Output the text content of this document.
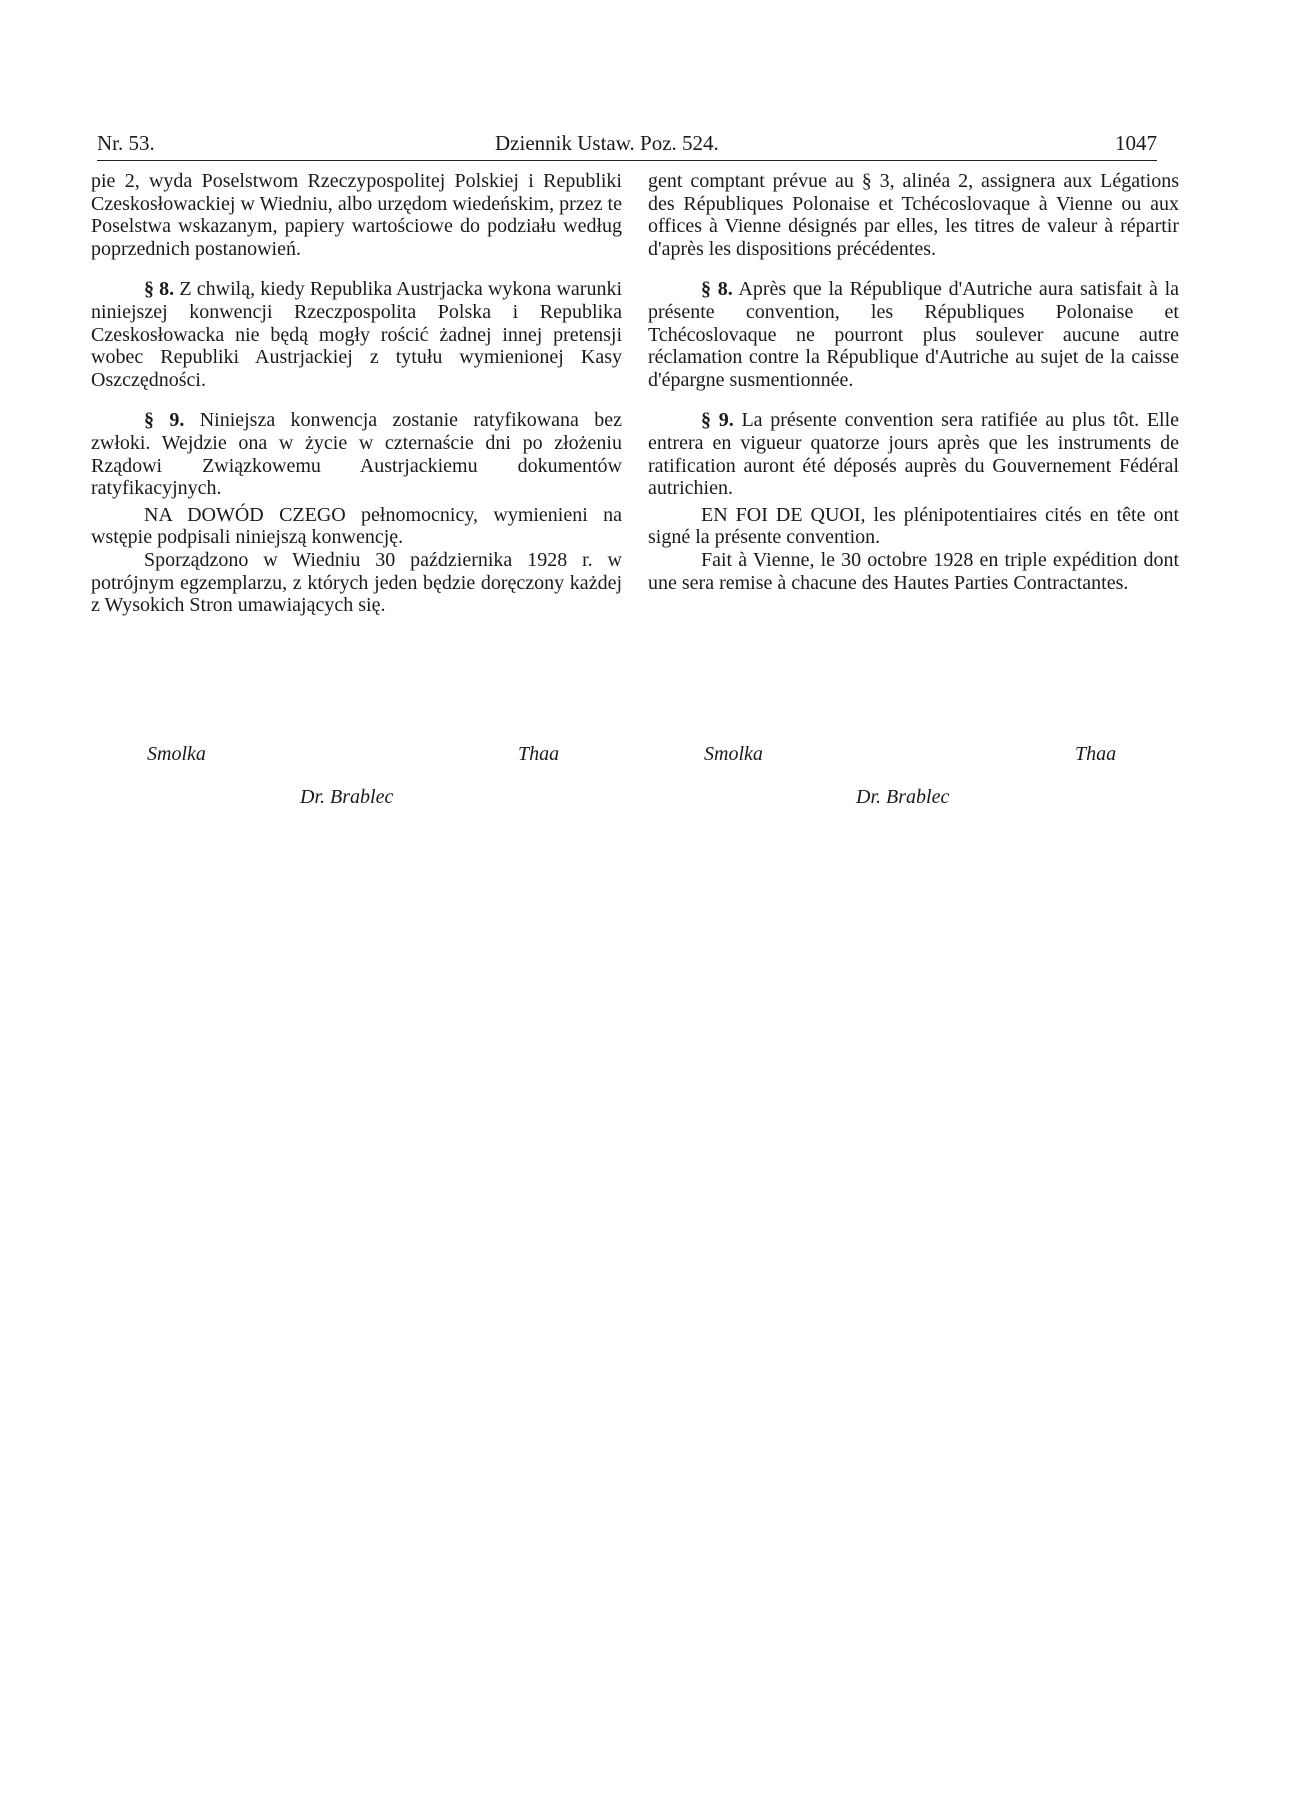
Nr. 53.	Dziennik Ustaw. Poz. 524.	1047

pie 2, wyda Poselstwom Rzeczypospolitej Polskiej i Republiki Czeskosłowackiej w Wiedniu, albo urzędom wiedeńskim, przez te Poselstwa wskazanym, papiery wartościowe do podziału według poprzednich postanowień.

§ 8. Z chwilą, kiedy Republika Austrjacka wykona warunki niniejszej konwencji Rzeczpospolita Polska i Republika Czeskosłowacka nie będą mogły rościć żadnej innej pretensji wobec Republiki Austrjackiej z tytułu wymienionej Kasy Oszczędności.

§ 9. Niniejsza konwencja zostanie ratyfikowana bez zwłoki. Wejdzie ona w życie w czternaście dni po złożeniu Rządowi Związkowemu Austrjackiemu dokumentów ratyfikacyjnych.

NA DOWÓD CZEGO pełnomocnicy, wymienieni na wstępie podpisali niniejszą konwencję.

Sporządzono w Wiedniu 30 października 1928 r. w potrójnym egzemplarzu, z których jeden będzie doręczony każdej z Wysokich Stron umawiających się.

gent comptant prévue au § 3, alinéa 2, assignera aux Légations des Républiques Polonaise et Tchécoslovaque à Vienne ou aux offices à Vienne désignés par elles, les titres de valeur à répartir d'après les dispositions précédentes.

§ 8. Après que la République d'Autriche aura satisfait à la présente convention, les Républiques Polonaise et Tchécoslovaque ne pourront plus soulever aucune autre réclamation contre la République d'Autriche au sujet de la caisse d'épargne susmentionnée.

§ 9. La présente convention sera ratifiée au plus tôt. Elle entrera en vigueur quatorze jours après que les instruments de ratification auront été déposés auprès du Gouvernement Fédéral autrichien.

EN FOI DE QUOI, les plénipotentiaires cités en tête ont signé la présente convention.

Fait à Vienne, le 30 octobre 1928 en triple expédition dont une sera remise à chacune des Hautes Parties Contractantes.

Smolka	Thaa
Dr. Brablec
Smolka	Thaa
Dr. Brablec
